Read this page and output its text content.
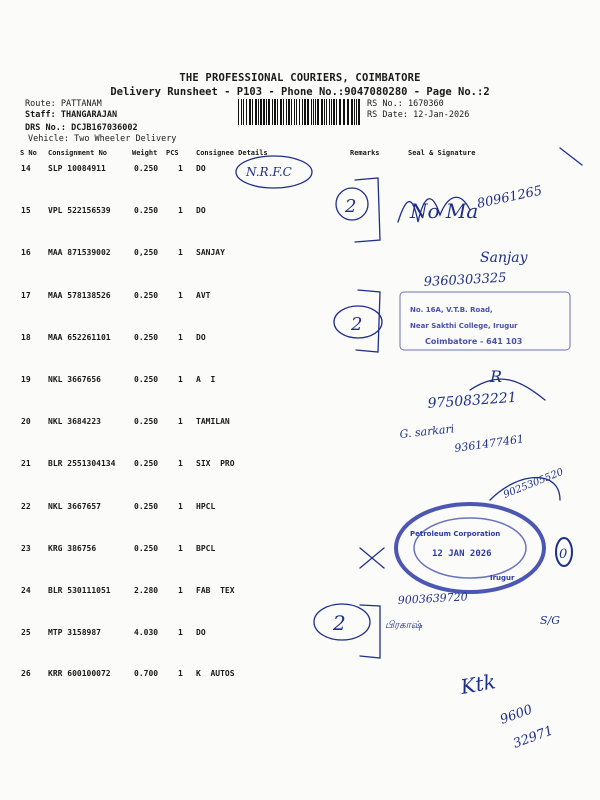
THE PROFESSIONAL COURIERS, COIMBATORE
Delivery Runsheet - P103 - Phone No.:9047080280 - Page No.:2
Route: PATTANAM
Staff: THANGARAJAN
DRS No.: DCJB167036002
Vehicle: Two Wheeler Delivery
RS No.: 1670360
RS Date: 12-Jan-2026
S No Consignment No	Weight PCS Consignee Details	Remarks	Seal & Signature
14 SLP 10084911	0.250 1 DO
15 VPL 522156539	0.250 1 DO
16 MAA 871539002	0,250 1 SANJAY
17 MAA 578138526	0.250 1 AVT
18 MAA 652261101	0.250 1 DO
19 NKL 3667656	0.250 1 A  I
20 NKL 3684223	0.250 1 TAMILAN
21 BLR 2551304134 0.250 1 SIX  PRO
22 NKL 3667657	0.250 1 HPCL
23 KRG 386756	0.250 1 BPCL
24 BLR 530111051	2.280 1 FAB  TEX
25 MTP 3158987	4.030 1 DO
26 KRR 600100072	0.700 1 K  AUTOS
N.R.F.C
2
2
2
No Ma
80961265
Sanjay
9360303325
No. 16A, V.T.B. Road,
Near Sakthi College, Irugur
Coimbatore - 641 103
R
9750832221
G. sarkari
9361477461
9025305520
Petroleum Corporation
12 JAN 2026
Irugur
0
9003639720
பிரகாஷ்	S/G
Ktk
9600
32971
